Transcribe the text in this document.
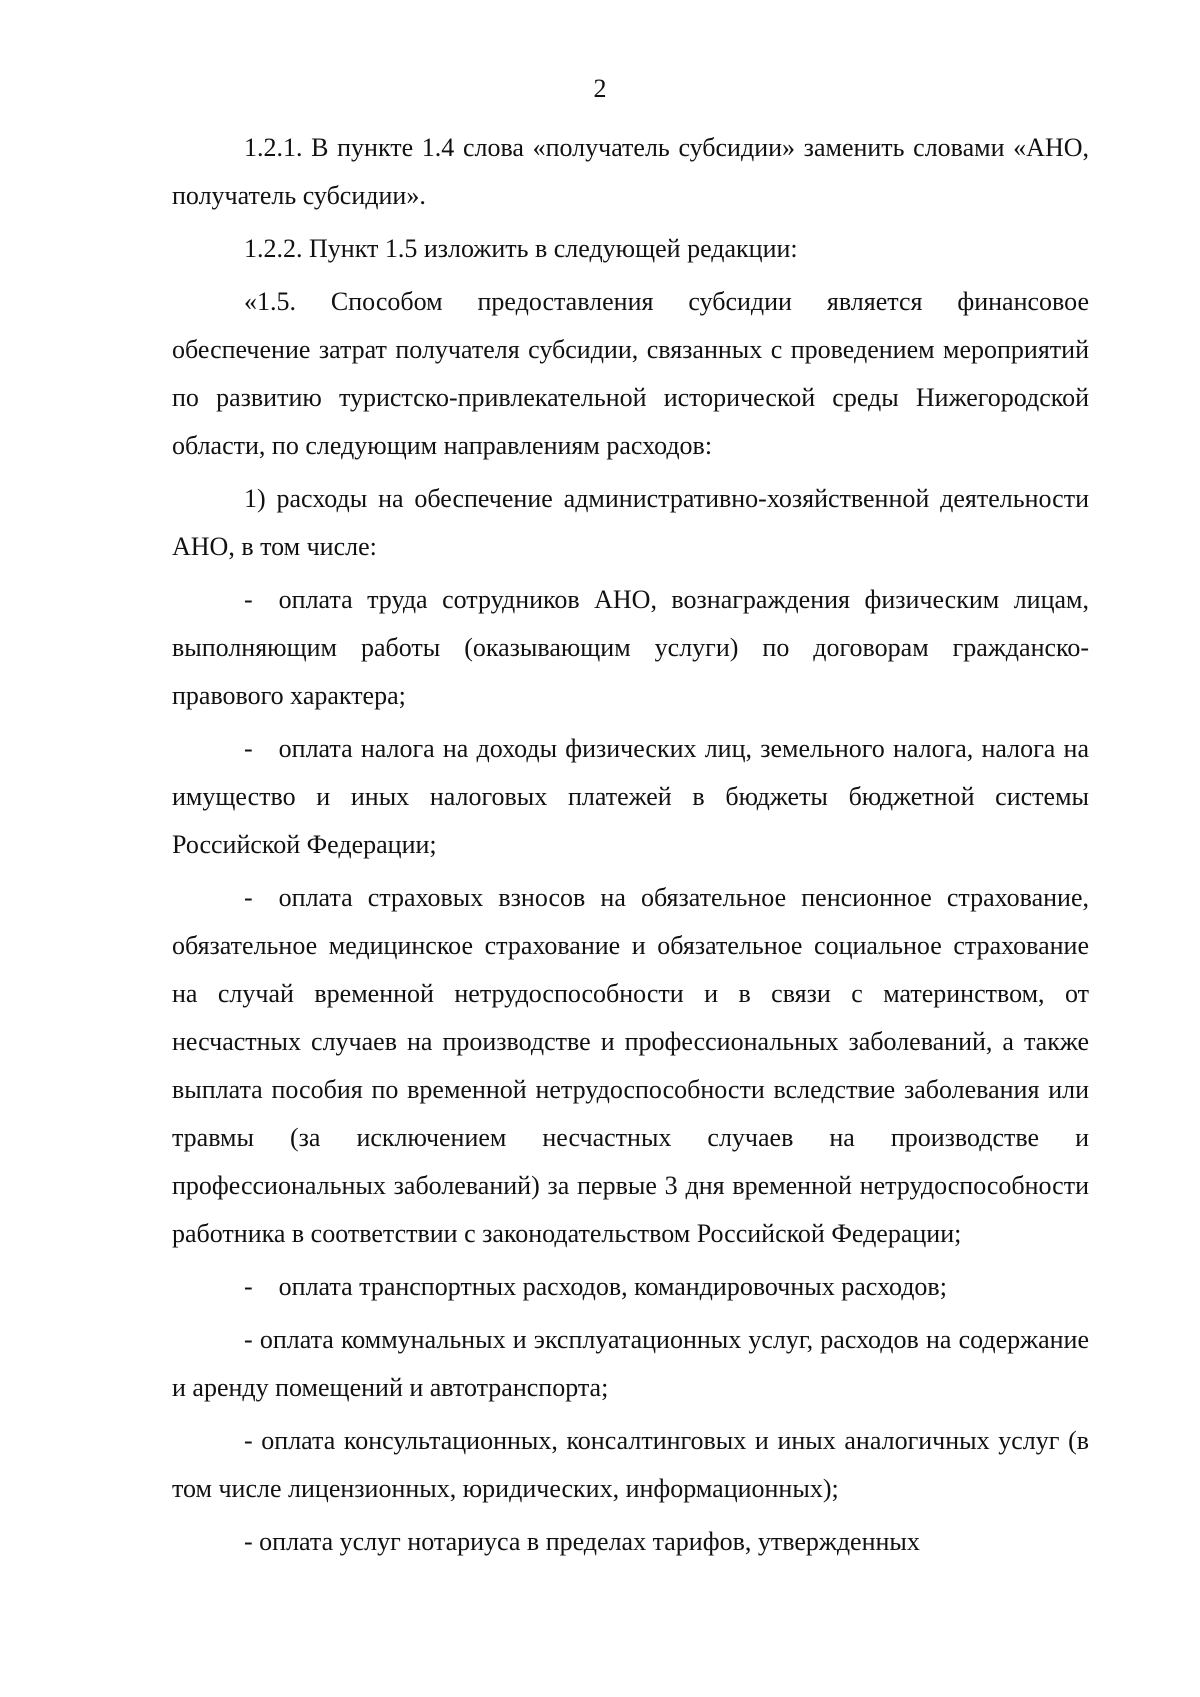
2

1.2.1. В пункте 1.4 слова «получатель субсидии» заменить словами «АНО, получатель субсидии».

1.2.2. Пункт 1.5 изложить в следующей редакции:

«1.5. Способом предоставления субсидии является финансовое обеспечение затрат получателя субсидии, связанных с проведением мероприятий по развитию туристско-привлекательной исторической среды Нижегородской области, по следующим направлениям расходов:

1) расходы на обеспечение административно-хозяйственной деятельности АНО, в том числе:

- оплата труда сотрудников АНО, вознаграждения физическим лицам, выполняющим работы (оказывающим услуги) по договорам гражданско-правового характера;

- оплата налога на доходы физических лиц, земельного налога, налога на имущество и иных налоговых платежей в бюджеты бюджетной системы Российской Федерации;

- оплата страховых взносов на обязательное пенсионное страхование, обязательное медицинское страхование и обязательное социальное страхование на случай временной нетрудоспособности и в связи с материнством, от несчастных случаев на производстве и профессиональных заболеваний, а также выплата пособия по временной нетрудоспособности вследствие заболевания или травмы (за исключением несчастных случаев на производстве и профессиональных заболеваний) за первые 3 дня временной нетрудоспособности работника в соответствии с законодательством Российской Федерации;

- оплата транспортных расходов, командировочных расходов;

- оплата коммунальных и эксплуатационных услуг, расходов на содержание и аренду помещений и автотранспорта;

- оплата консультационных, консалтинговых и иных аналогичных услуг (в том числе лицензионных, юридических, информационных);

- оплата услуг нотариуса в пределах тарифов, утвержденных
